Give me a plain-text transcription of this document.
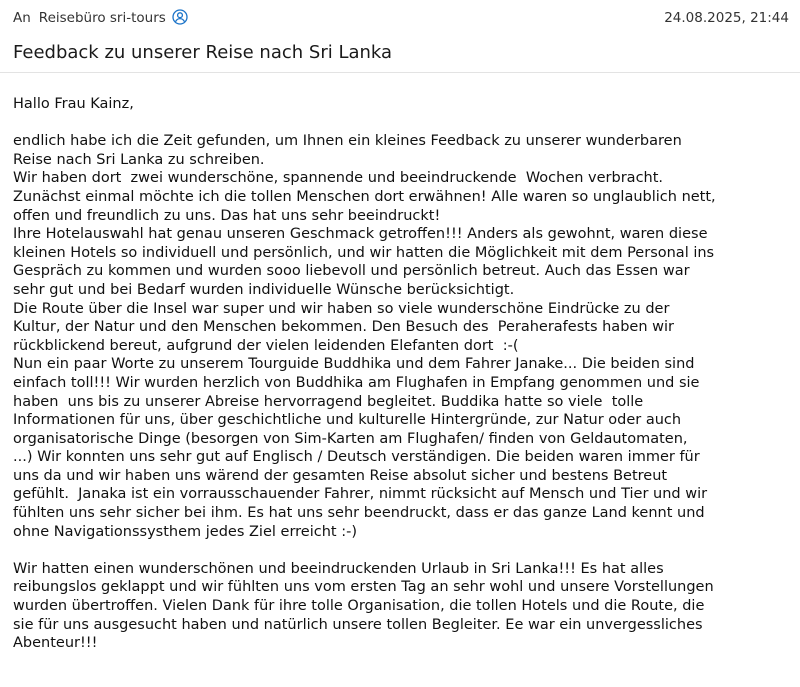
An Reisebüro sri-tours	24.08.2025, 21:44
Feedback zu unserer Reise nach Sri Lanka
Hallo Frau Kainz,
endlich habe ich die Zeit gefunden, um Ihnen ein kleines Feedback zu unserer wunderbaren
Reise nach Sri Lanka zu schreiben.
Wir haben dort  zwei wunderschöne, spannende und beeindruckende  Wochen verbracht.
Zunächst einmal möchte ich die tollen Menschen dort erwähnen! Alle waren so unglaublich nett,
offen und freundlich zu uns. Das hat uns sehr beeindruckt!
Ihre Hotelauswahl hat genau unseren Geschmack getroffen!!! Anders als gewohnt, waren diese
kleinen Hotels so individuell und persönlich, und wir hatten die Möglichkeit mit dem Personal ins
Gespräch zu kommen und wurden sooo liebevoll und persönlich betreut. Auch das Essen war
sehr gut und bei Bedarf wurden individuelle Wünsche berücksichtigt.
Die Route über die Insel war super und wir haben so viele wunderschöne Eindrücke zu der
Kultur, der Natur und den Menschen bekommen. Den Besuch des  Peraherafests haben wir
rückblickend bereut, aufgrund der vielen leidenden Elefanten dort  :-(
Nun ein paar Worte zu unserem Tourguide Buddhika und dem Fahrer Janake... Die beiden sind
einfach toll!!! Wir wurden herzlich von Buddhika am Flughafen in Empfang genommen und sie
haben  uns bis zu unserer Abreise hervorragend begleitet. Buddika hatte so viele  tolle
Informationen für uns, über geschichtliche und kulturelle Hintergründe, zur Natur oder auch
organisatorische Dinge (besorgen von Sim-Karten am Flughafen/ finden von Geldautomaten,
...) Wir konnten uns sehr gut auf Englisch / Deutsch verständigen. Die beiden waren immer für
uns da und wir haben uns wärend der gesamten Reise absolut sicher und bestens Betreut
gefühlt.  Janaka ist ein vorrausschauender Fahrer, nimmt rücksicht auf Mensch und Tier und wir
fühlten uns sehr sicher bei ihm. Es hat uns sehr beendruckt, dass er das ganze Land kennt und
ohne Navigationssysthem jedes Ziel erreicht :-)
Wir hatten einen wunderschönen und beeindruckenden Urlaub in Sri Lanka!!! Es hat alles
reibungslos geklappt und wir fühlten uns vom ersten Tag an sehr wohl und unsere Vorstellungen
wurden übertroffen. Vielen Dank für ihre tolle Organisation, die tollen Hotels und die Route, die
sie für uns ausgesucht haben und natürlich unsere tollen Begleiter. Ee war ein unvergessliches
Abenteur!!!
